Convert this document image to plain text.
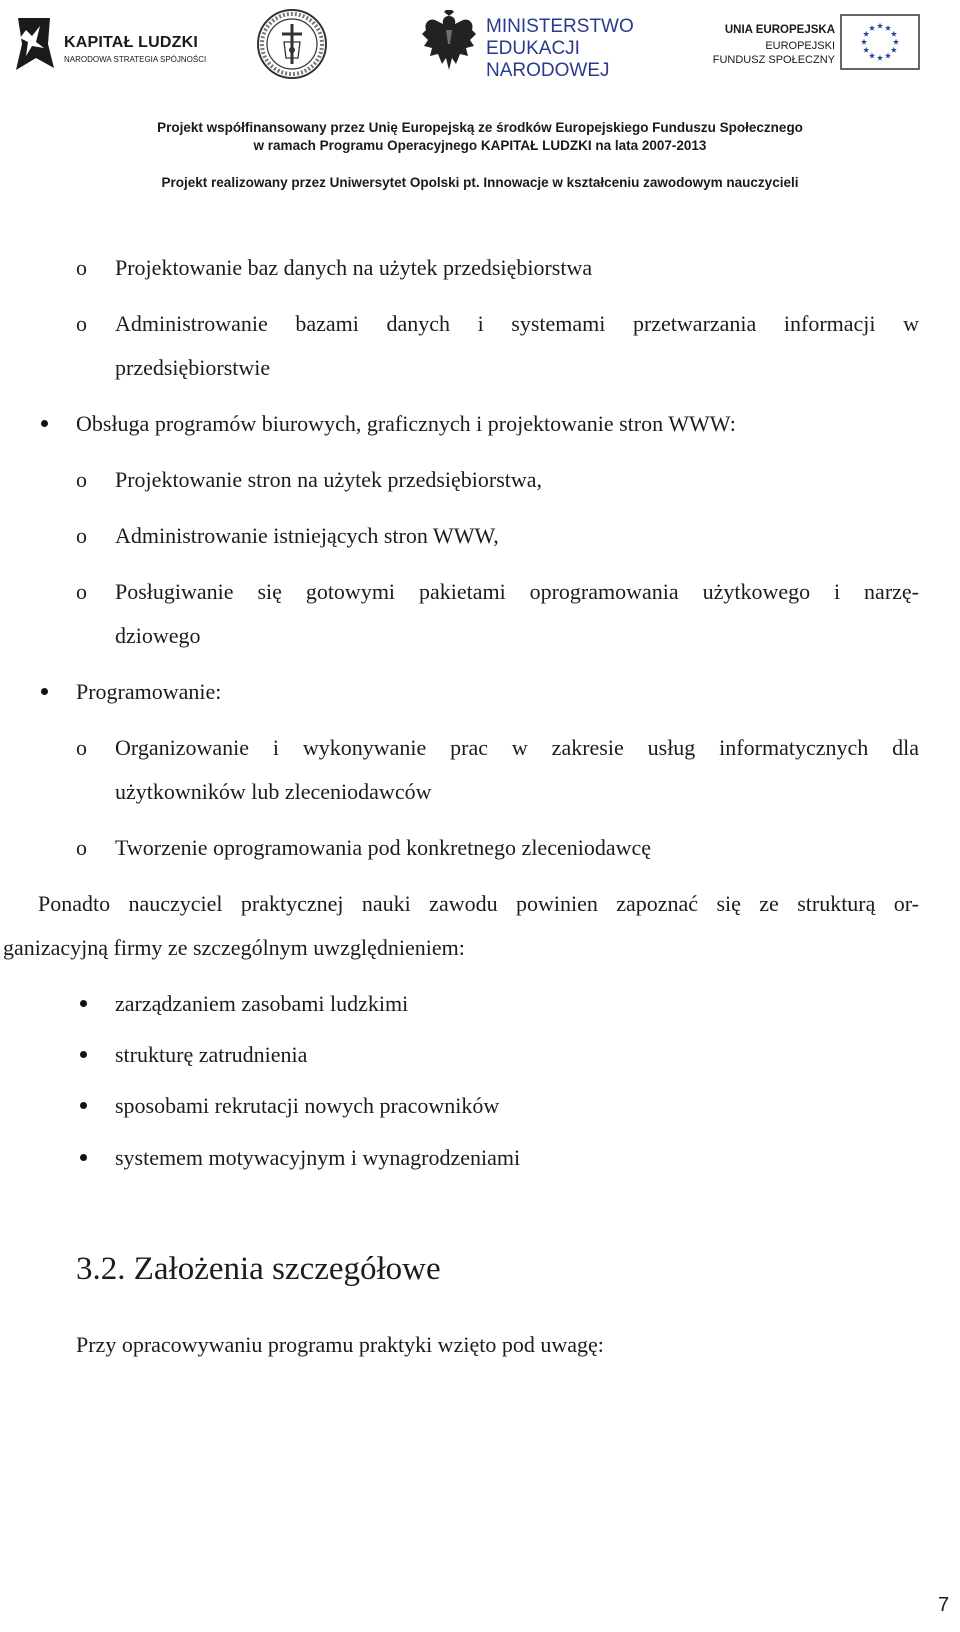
KAPITAŁ LUDZKI
NARODOWA STRATEGIA SPÓJNOŚCI
MINISTERSTWO
EDUKACJI
NARODOWEJ
UNIA EUROPEJSKA
EUROPEJSKI
FUNDUSZ SPOŁECZNY
Projekt współfinansowany przez Unię Europejską ze środków Europejskiego Funduszu Społecznego
w ramach Programu Operacyjnego KAPITAŁ LUDZKI na lata 2007-2013
Projekt realizowany przez Uniwersytet Opolski pt. Innowacje w kształceniu zawodowym nauczycieli
o Projektowanie baz danych na użytek przedsiębiorstwa
o Administrowanie bazami danych i systemami przetwarzania informacji w
przedsiębiorstwie
Obsługa programów biurowych, graficznych i projektowanie stron WWW:
o Projektowanie stron na użytek przedsiębiorstwa,
o Administrowanie istniejących stron WWW,
o Posługiwanie się gotowymi pakietami oprogramowania użytkowego i narzę-
dziowego
Programowanie:
o Organizowanie i wykonywanie prac w zakresie usług informatycznych dla
użytkowników lub zleceniodawców
o Tworzenie oprogramowania pod konkretnego zleceniodawcę
Ponadto nauczyciel praktycznej nauki zawodu powinien zapoznać się ze strukturą or-
ganizacyjną firmy ze szczególnym uwzględnieniem:
zarządzaniem zasobami ludzkimi
strukturę zatrudnienia
sposobami rekrutacji nowych pracowników
systemem motywacyjnym i wynagrodzeniami
3.2. Założenia szczegółowe
Przy opracowywaniu programu praktyki wzięto pod uwagę:
7
